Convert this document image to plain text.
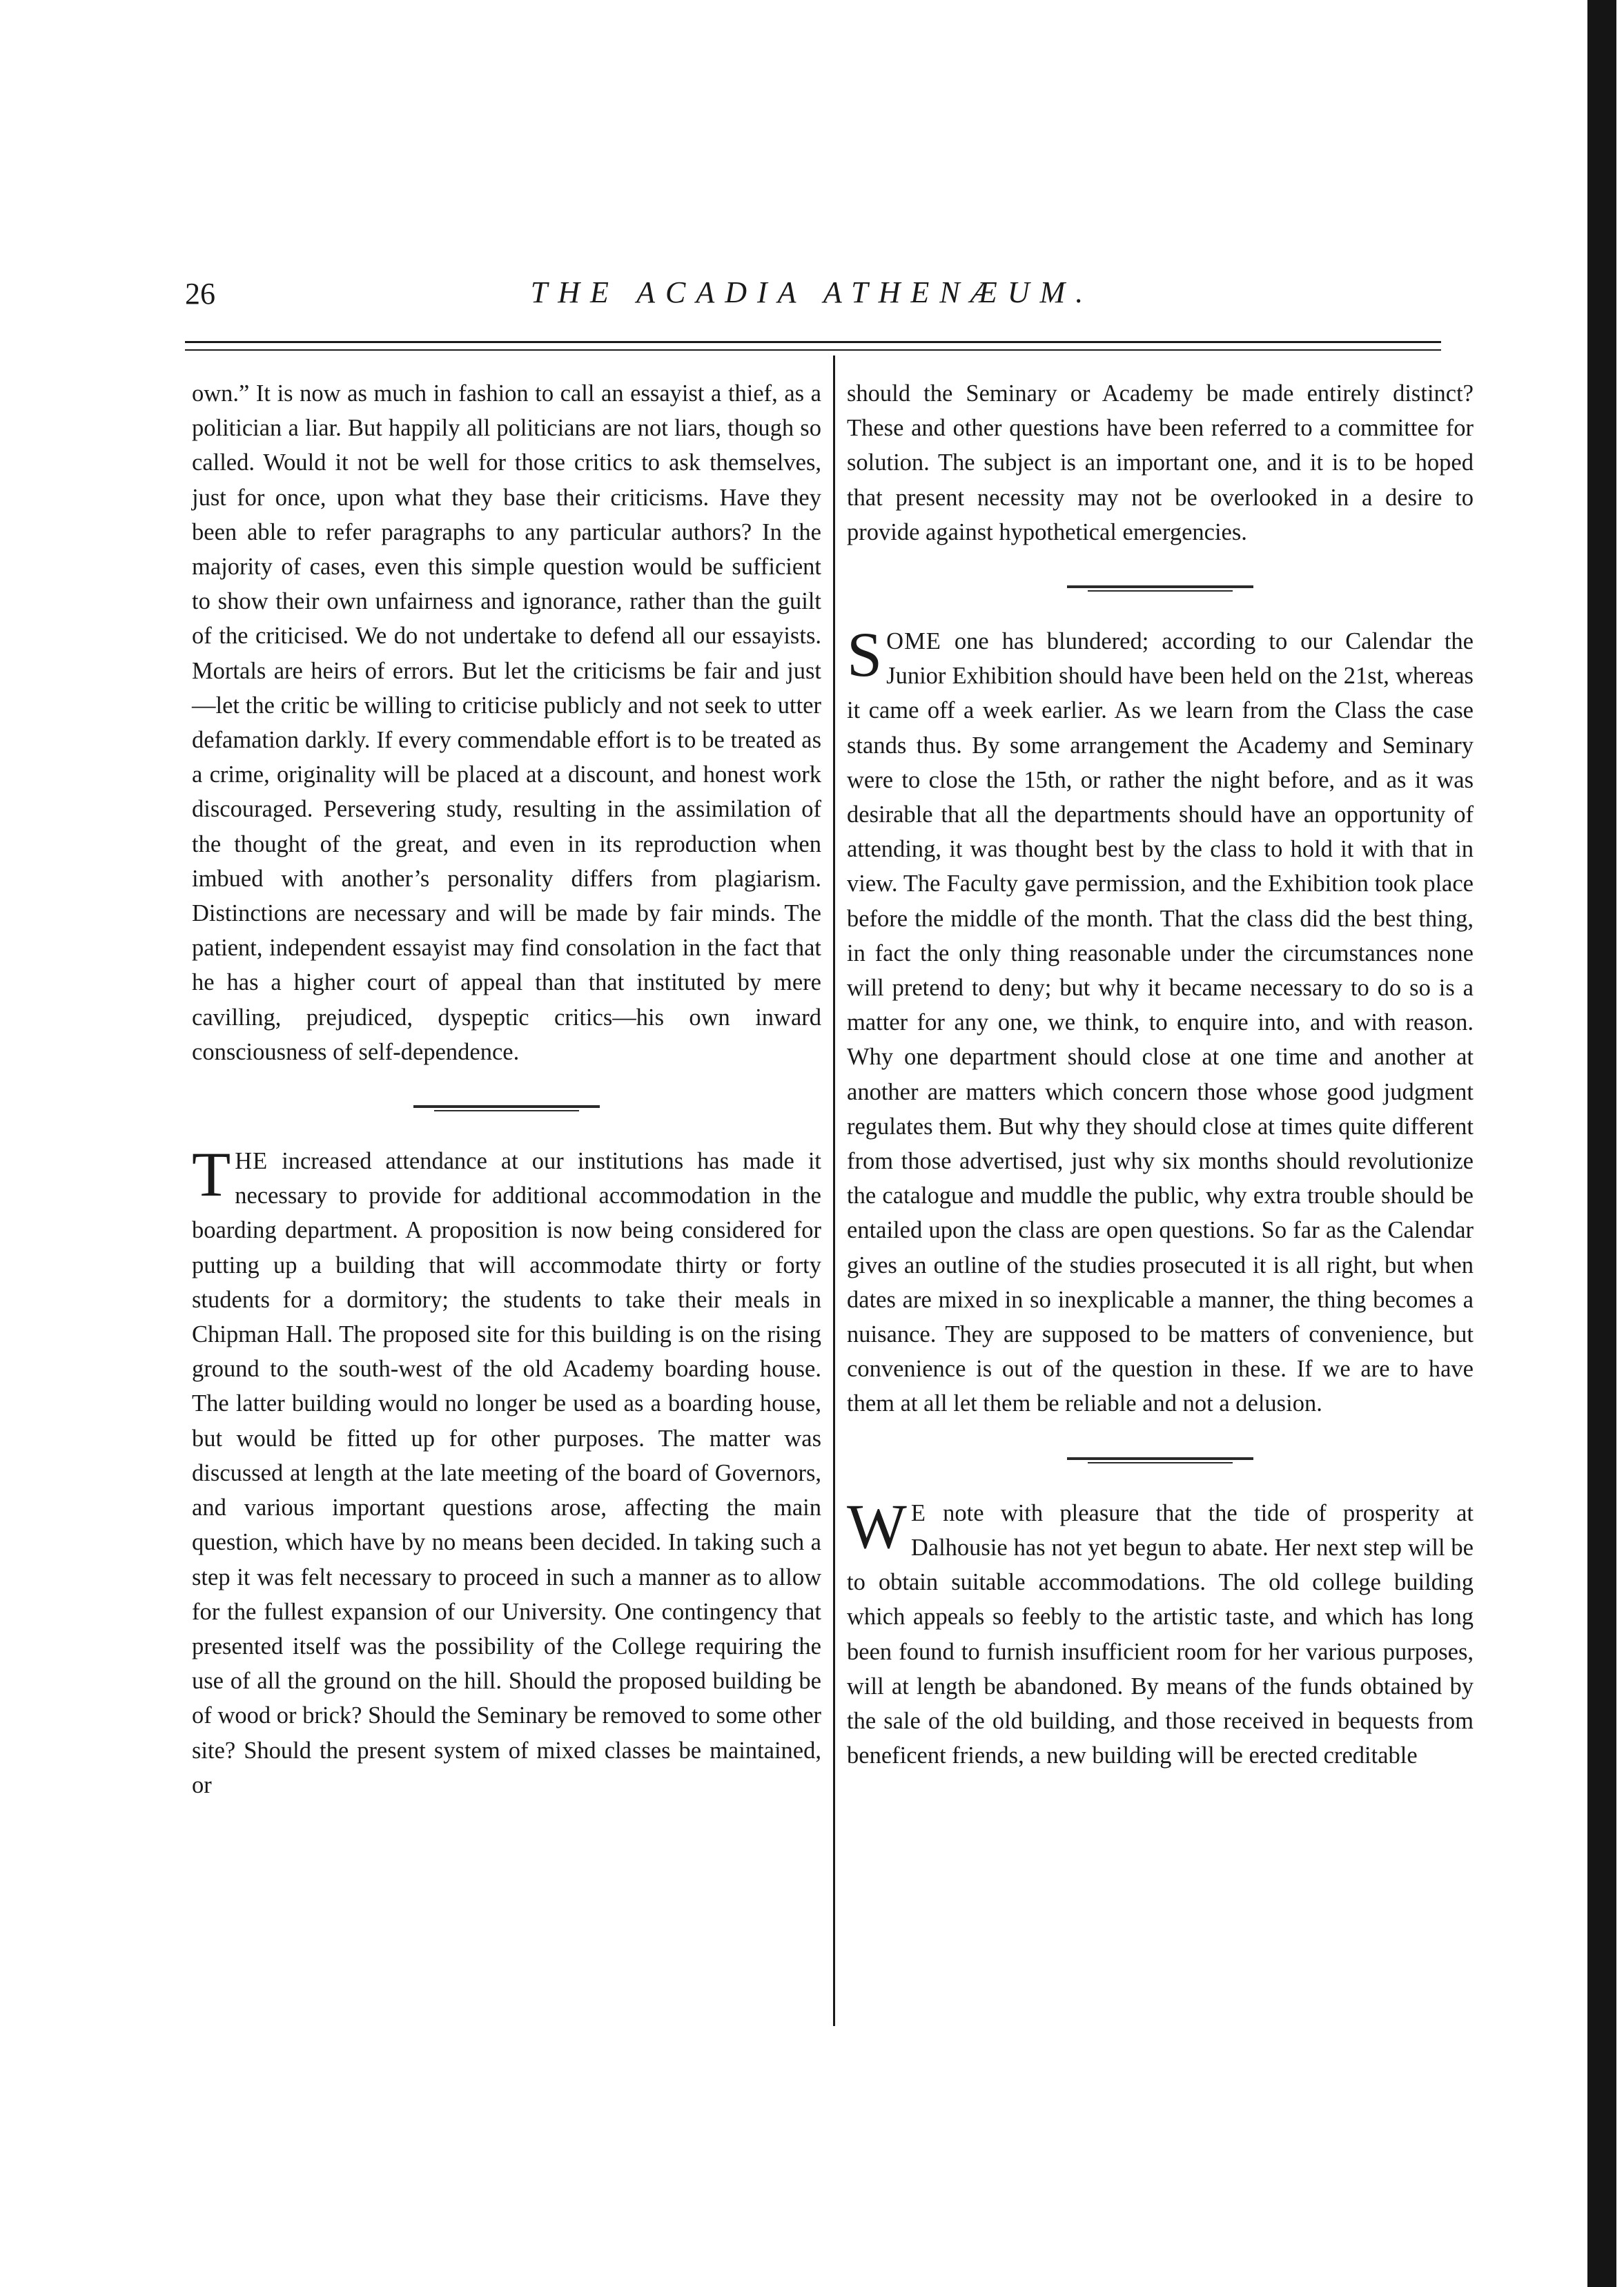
26	THE ACADIA ATHENÆUM.

own.” It is now as much in fashion to call an essayist a thief, as a politician a liar. But happily all politicians are not liars, though so called. Would it not be well for those critics to ask themselves, just for once, upon what they base their criticisms. Have they been able to refer paragraphs to any particular authors? In the majority of cases, even this simple question would be sufficient to show their own unfairness and ignorance, rather than the guilt of the criticised. We do not undertake to defend all our essayists. Mortals are heirs of errors. But let the criticisms be fair and just—let the critic be willing to criticise publicly and not seek to utter defamation darkly. If every commendable effort is to be treated as a crime, originality will be placed at a discount, and honest work discouraged. Persevering study, resulting in the assimilation of the thought of the great, and even in its reproduction when imbued with another’s personality differs from plagiarism. Distinctions are necessary and will be made by fair minds. The patient, independent essayist may find consolation in the fact that he has a higher court of appeal than that instituted by mere cavilling, prejudiced, dyspeptic critics—his own inward consciousness of self-dependence.

THE increased attendance at our institutions has made it necessary to provide for additional accommodation in the boarding department. A proposition is now being considered for putting up a building that will accommodate thirty or forty students for a dormitory; the students to take their meals in Chipman Hall. The proposed site for this building is on the rising ground to the south-west of the old Academy boarding house. The latter building would no longer be used as a boarding house, but would be fitted up for other purposes. The matter was discussed at length at the late meeting of the board of Governors, and various important questions arose, affecting the main question, which have by no means been decided. In taking such a step it was felt necessary to proceed in such a manner as to allow for the fullest expansion of our University. One contingency that presented itself was the possibility of the College requiring the use of all the ground on the hill. Should the proposed building be of wood or brick? Should the Seminary be removed to some other site? Should the present system of mixed classes be maintained, or

should the Seminary or Academy be made entirely distinct? These and other questions have been referred to a committee for solution. The subject is an important one, and it is to be hoped that present necessity may not be overlooked in a desire to provide against hypothetical emergencies.

SOME one has blundered; according to our Calendar the Junior Exhibition should have been held on the 21st, whereas it came off a week earlier. As we learn from the Class the case stands thus. By some arrangement the Academy and Seminary were to close the 15th, or rather the night before, and as it was desirable that all the departments should have an opportunity of attending, it was thought best by the class to hold it with that in view. The Faculty gave permission, and the Exhibition took place before the middle of the month. That the class did the best thing, in fact the only thing reasonable under the circumstances none will pretend to deny; but why it became necessary to do so is a matter for any one, we think, to enquire into, and with reason. Why one department should close at one time and another at another are matters which concern those whose good judgment regulates them. But why they should close at times quite different from those advertised, just why six months should revolutionize the catalogue and muddle the public, why extra trouble should be entailed upon the class are open questions. So far as the Calendar gives an outline of the studies prosecuted it is all right, but when dates are mixed in so inexplicable a manner, the thing becomes a nuisance. They are supposed to be matters of convenience, but convenience is out of the question in these. If we are to have them at all let them be reliable and not a delusion.

W E note with pleasure that the tide of prosperity at Dalhousie has not yet begun to abate. Her next step will be to obtain suitable accommodations. The old college building which appeals so feebly to the artistic taste, and which has long been found to furnish insufficient room for her various purposes, will at length be abandoned. By means of the funds obtained by the sale of the old building, and those received in bequests from beneficent friends, a new building will be erected creditable
